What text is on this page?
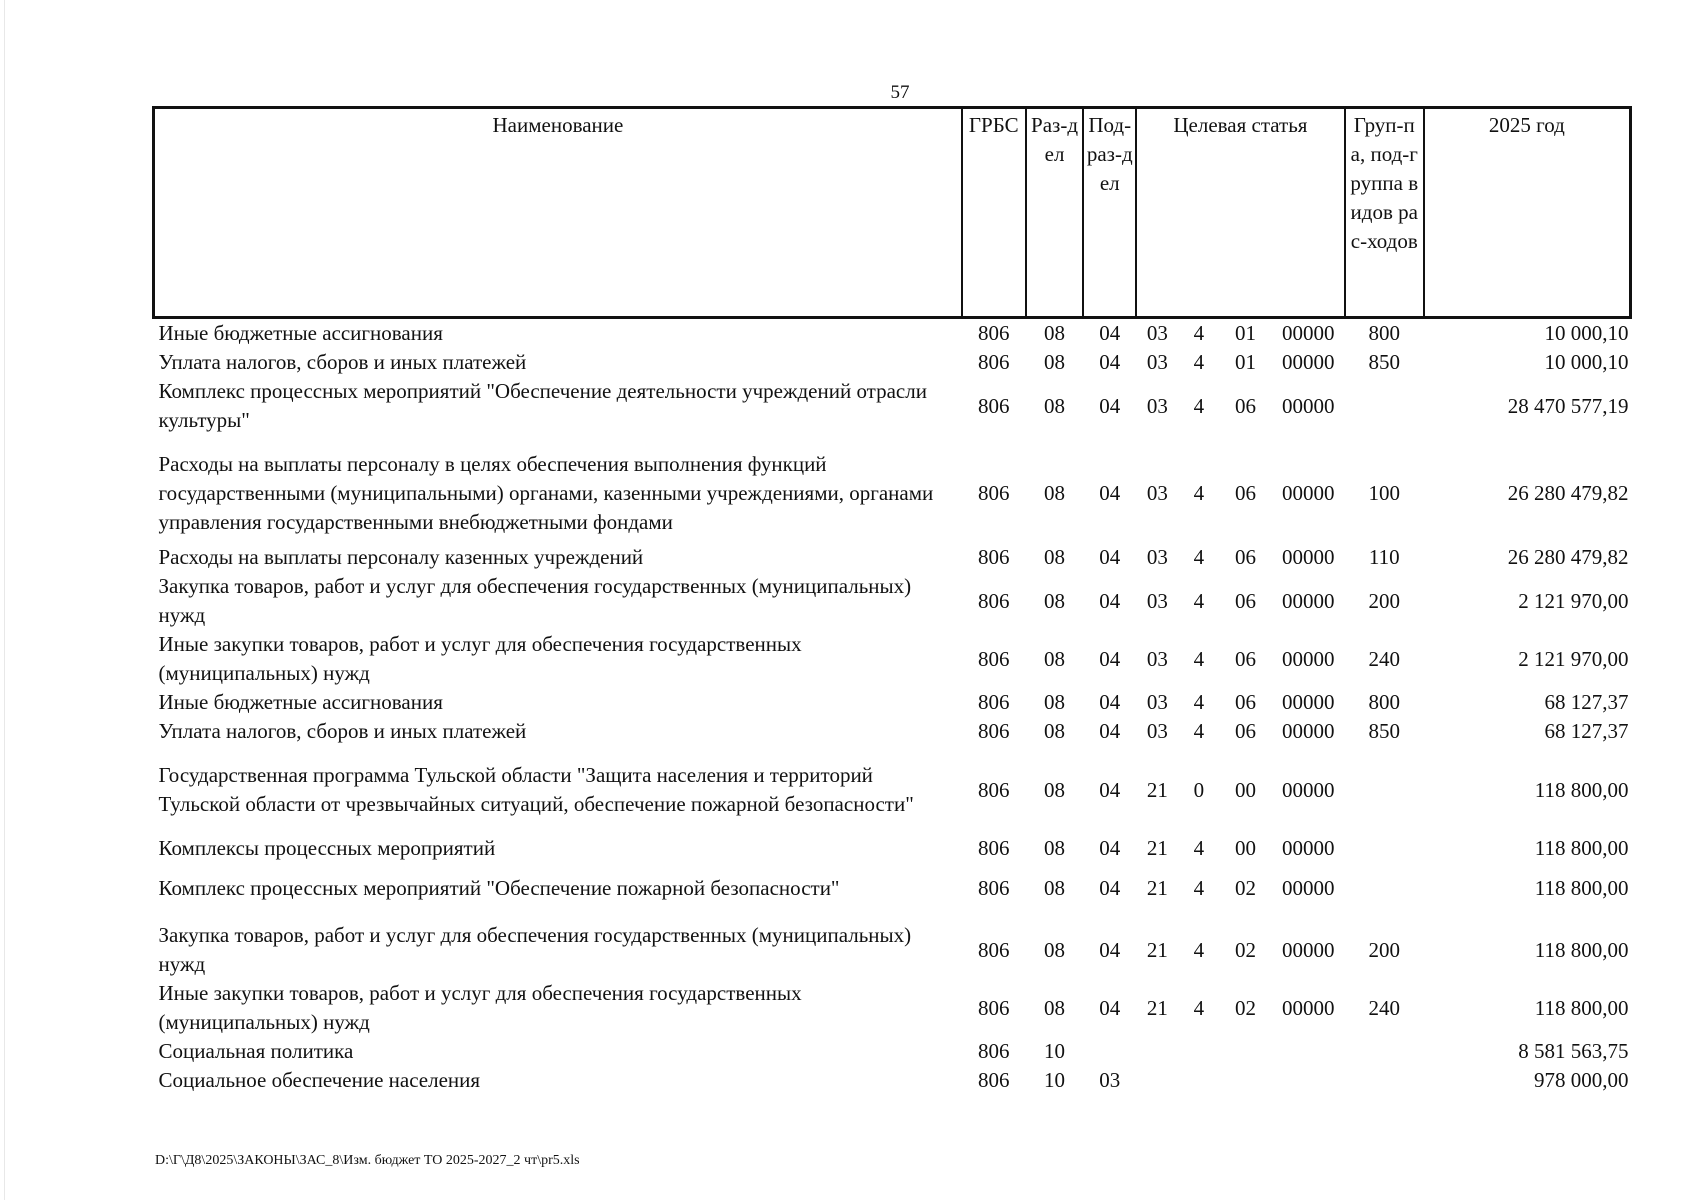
57
Наименование	ГРБС	Раз-дел	Под-раз-дел	Целевая статья				Груп-па, под-группа видов рас-ходов	2025 год
Иные бюджетные ассигнования	806	08	04	03	4	01	00000	800	10 000,10
Уплата налогов, сборов и иных платежей	806	08	04	03	4	01	00000	850	10 000,10
Комплекс процессных мероприятий "Обеспечение деятельности учреждений отрасли культуры"	806	08	04	03	4	06	00000		28 470 577,19
Расходы на выплаты персоналу в целях обеспечения выполнения функций государственными (муниципальными) органами, казенными учреждениями, органами управления государственными внебюджетными фондами	806	08	04	03	4	06	00000	100	26 280 479,82
Расходы на выплаты персоналу казенных учреждений	806	08	04	03	4	06	00000	110	26 280 479,82
Закупка товаров, работ и услуг для обеспечения государственных (муниципальных) нужд	806	08	04	03	4	06	00000	200	2 121 970,00
Иные закупки товаров, работ и услуг для обеспечения государственных (муниципальных) нужд	806	08	04	03	4	06	00000	240	2 121 970,00
Иные бюджетные ассигнования	806	08	04	03	4	06	00000	800	68 127,37
Уплата налогов, сборов и иных платежей	806	08	04	03	4	06	00000	850	68 127,37
Государственная программа Тульской области "Защита населения и территорий Тульской области от чрезвычайных ситуаций, обеспечение пожарной безопасности"	806	08	04	21	0	00	00000		118 800,00
Комплексы процессных мероприятий	806	08	04	21	4	00	00000		118 800,00
Комплекс процессных мероприятий "Обеспечение пожарной безопасности"	806	08	04	21	4	02	00000		118 800,00
Закупка товаров, работ и услуг для обеспечения государственных (муниципальных) нужд	806	08	04	21	4	02	00000	200	118 800,00
Иные закупки товаров, работ и услуг для обеспечения государственных (муниципальных) нужд	806	08	04	21	4	02	00000	240	118 800,00
Социальная политика	806	10							8 581 563,75
Социальное обеспечение населения	806	10	03						978 000,00
D:\Г\Д8\2025\ЗАКОНЫ\ЗАС_8\Изм. бюджет ТО 2025-2027_2 чт\pr5.xls
